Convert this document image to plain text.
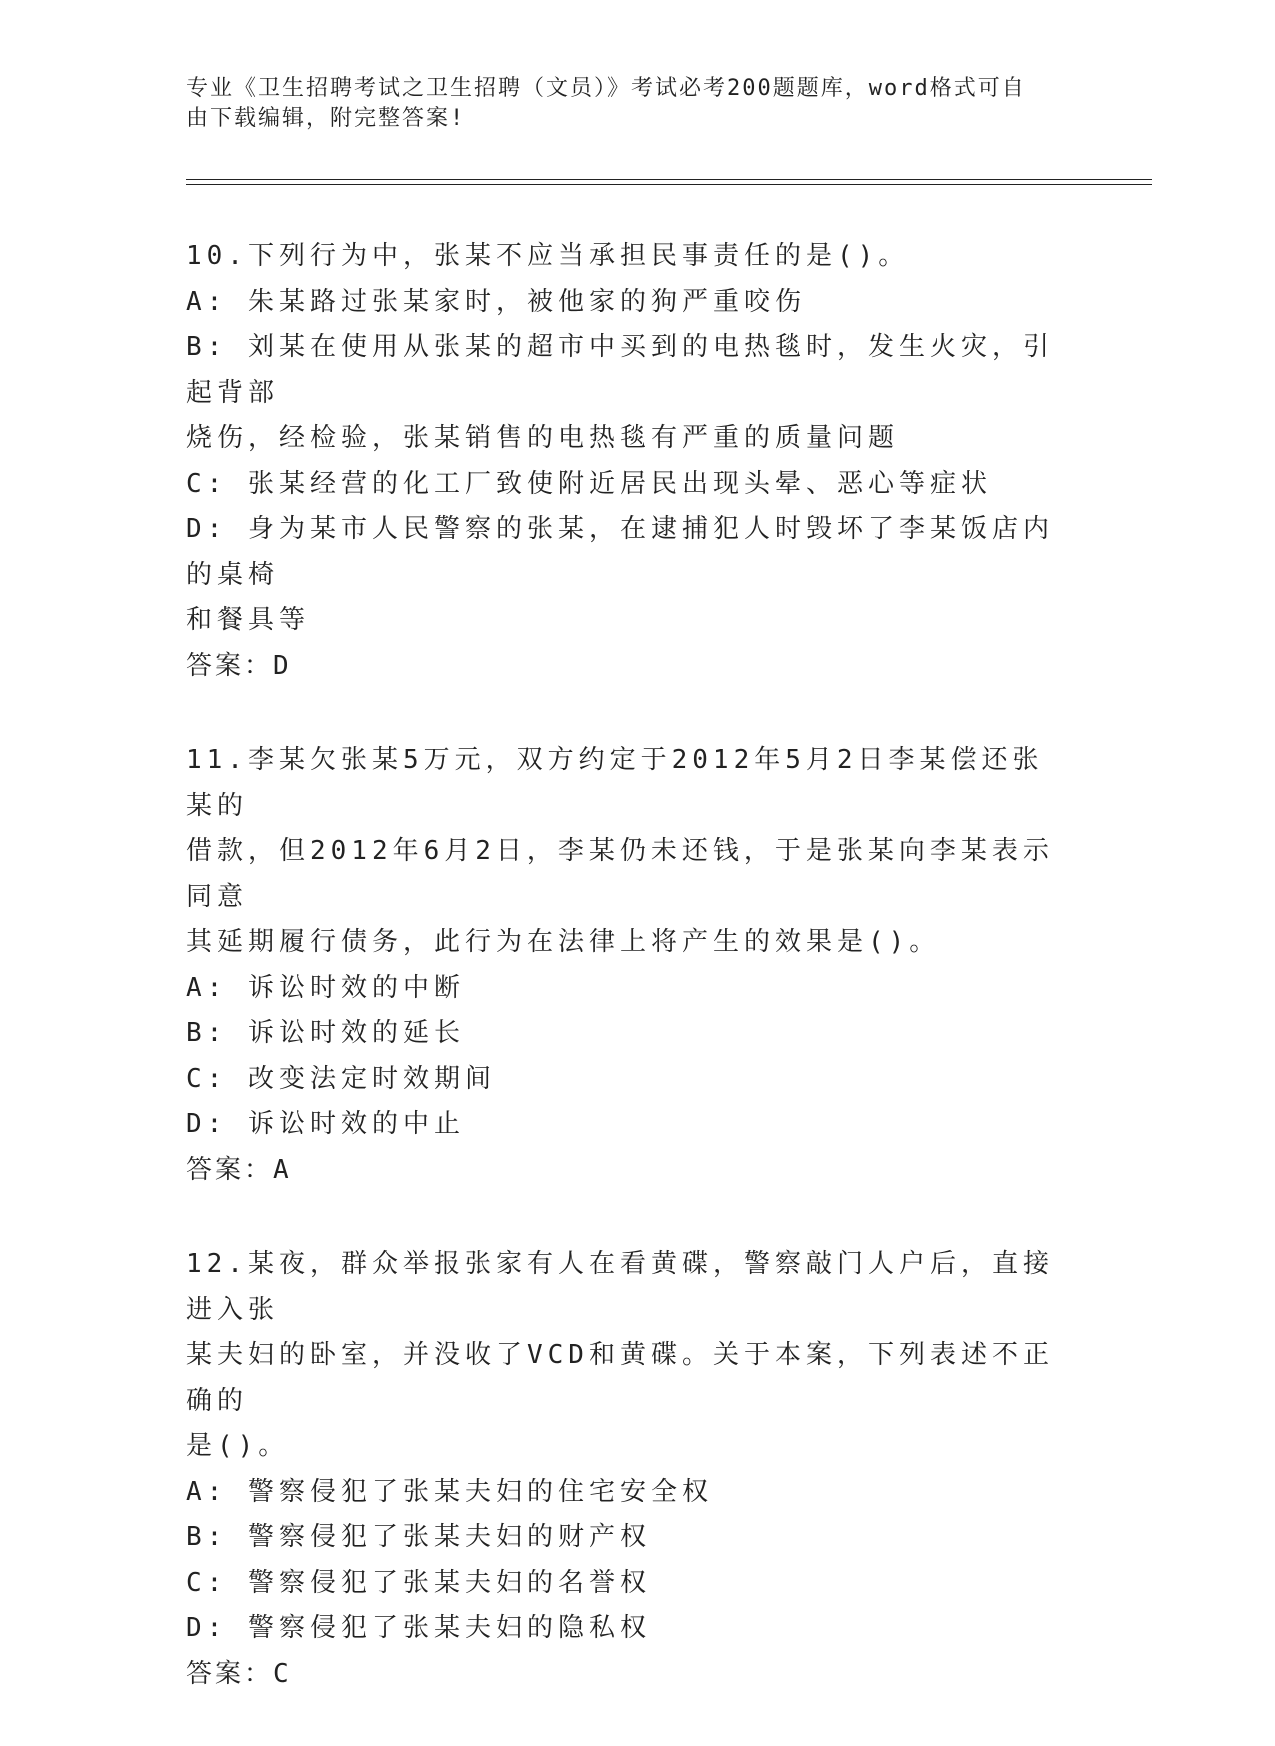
专业《卫生招聘考试之卫生招聘（文员）》考试必考200题题库，word格式可自
由下载编辑，附完整答案!

10.下列行为中，张某不应当承担民事责任的是()。

A: 朱某路过张某家时，被他家的狗严重咬伤

B: 刘某在使用从张某的超市中买到的电热毯时，发生火灾，引起背部

烧伤，经检验，张某销售的电热毯有严重的质量问题

C: 张某经营的化工厂致使附近居民出现头晕、恶心等症状

D: 身为某市人民警察的张某，在逮捕犯人时毁坏了李某饭店内的桌椅

和餐具等

答案：D

11.李某欠张某5万元，双方约定于2012年5月2日李某偿还张某的

借款，但2012年6月2日，李某仍未还钱，于是张某向李某表示同意

其延期履行债务，此行为在法律上将产生的效果是()。

A: 诉讼时效的中断

B: 诉讼时效的延长

C: 改变法定时效期间

D: 诉讼时效的中止

答案：A

12.某夜，群众举报张家有人在看黄碟，警察敲门人户后，直接进入张

某夫妇的卧室，并没收了VCD和黄碟。关于本案，下列表述不正确的

是()。

A: 警察侵犯了张某夫妇的住宅安全权

B: 警察侵犯了张某夫妇的财产权

C: 警察侵犯了张某夫妇的名誉权

D: 警察侵犯了张某夫妇的隐私权

答案：C
